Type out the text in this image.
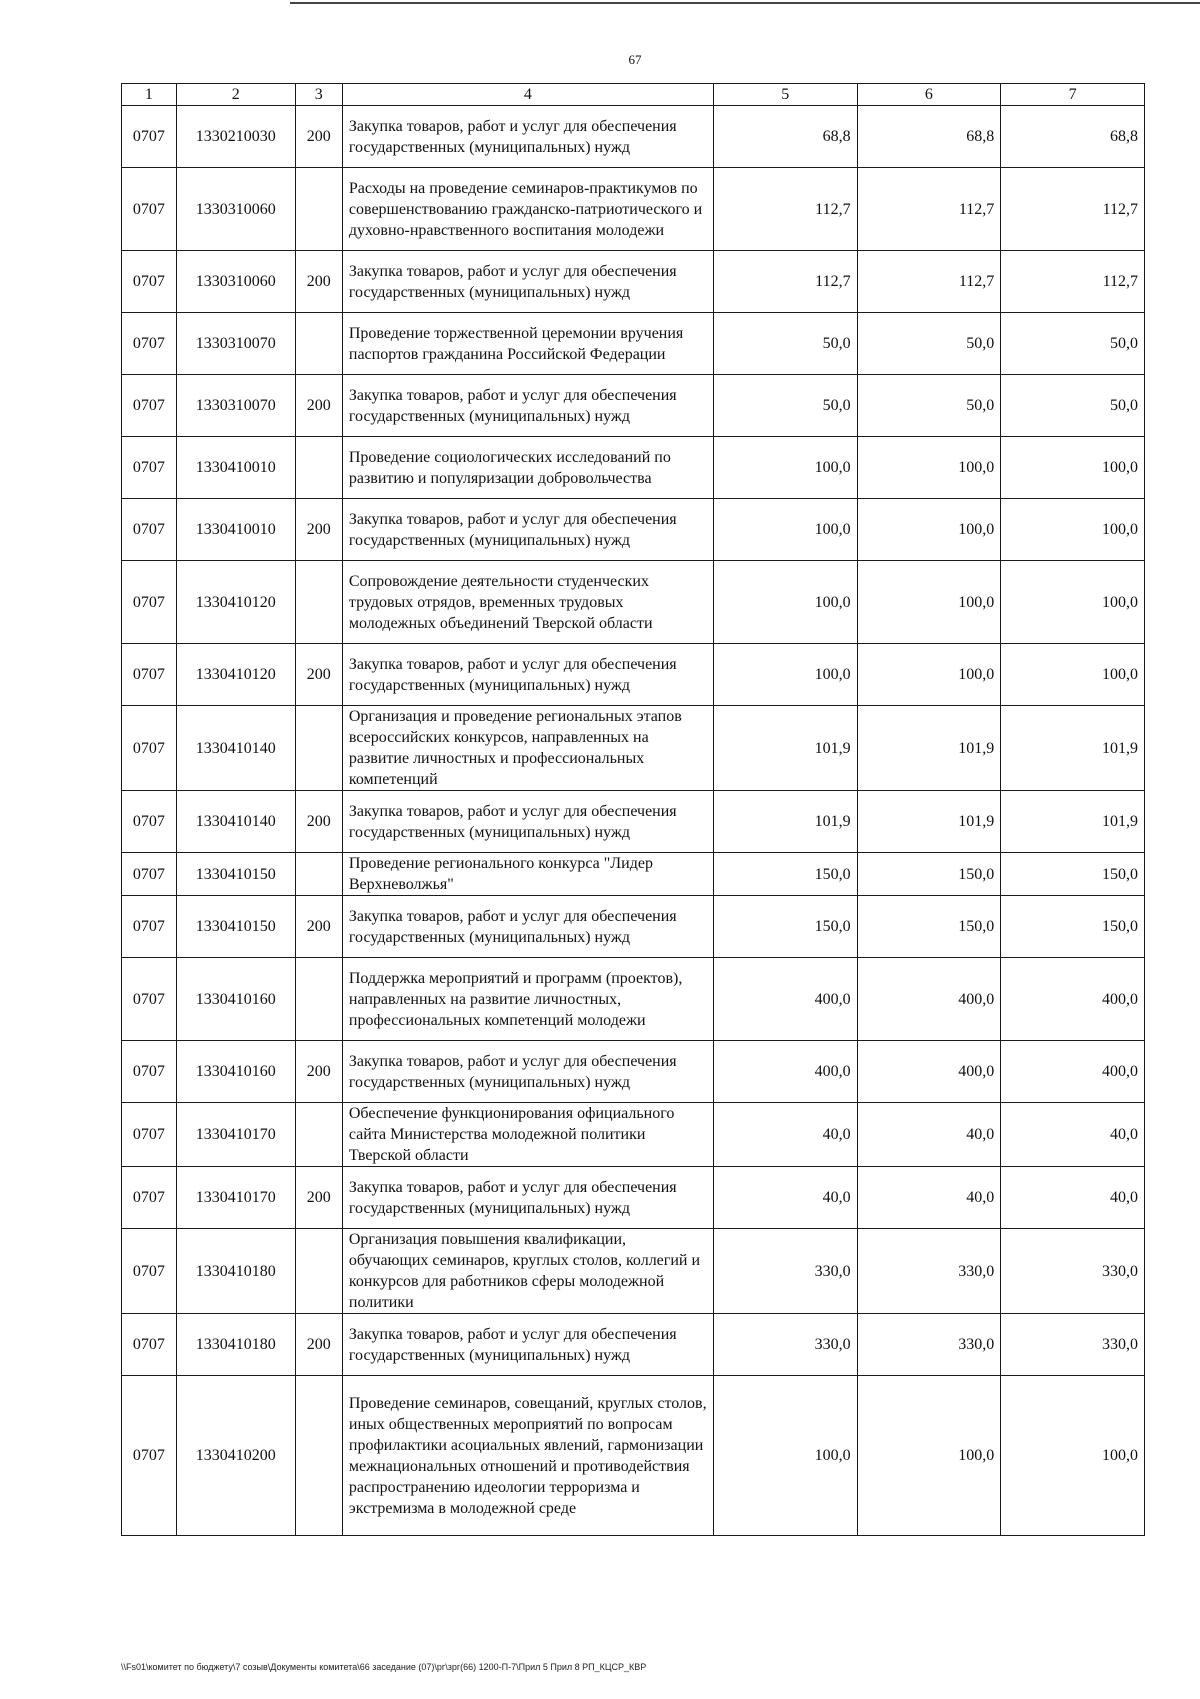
67
1	2	3	4	5	6	7
0707	1330210030	200	Закупка товаров, работ и услуг для обеспечения государственных (муниципальных) нужд	68,8	68,8	68,8
0707	1330310060		Расходы на проведение семинаров-практикумов по совершенствованию гражданско-патриотического и духовно-нравственного воспитания молодежи	112,7	112,7	112,7
0707	1330310060	200	Закупка товаров, работ и услуг для обеспечения государственных (муниципальных) нужд	112,7	112,7	112,7
0707	1330310070		Проведение торжественной церемонии вручения паспортов гражданина Российской Федерации	50,0	50,0	50,0
0707	1330310070	200	Закупка товаров, работ и услуг для обеспечения государственных (муниципальных) нужд	50,0	50,0	50,0
0707	1330410010		Проведение социологических исследований по развитию и популяризации добровольчества	100,0	100,0	100,0
0707	1330410010	200	Закупка товаров, работ и услуг для обеспечения государственных (муниципальных) нужд	100,0	100,0	100,0
0707	1330410120		Сопровождение деятельности студенческих трудовых отрядов, временных трудовых молодежных объединений Тверской области	100,0	100,0	100,0
0707	1330410120	200	Закупка товаров, работ и услуг для обеспечения государственных (муниципальных) нужд	100,0	100,0	100,0
0707	1330410140		Организация и проведение региональных этапов всероссийских конкурсов, направленных на развитие личностных и профессиональных компетенций	101,9	101,9	101,9
0707	1330410140	200	Закупка товаров, работ и услуг для обеспечения государственных (муниципальных) нужд	101,9	101,9	101,9
0707	1330410150		Проведение регионального конкурса "Лидер Верхневолжья"	150,0	150,0	150,0
0707	1330410150	200	Закупка товаров, работ и услуг для обеспечения государственных (муниципальных) нужд	150,0	150,0	150,0
0707	1330410160		Поддержка мероприятий и программ (проектов), направленных на развитие личностных, профессиональных компетенций молодежи	400,0	400,0	400,0
0707	1330410160	200	Закупка товаров, работ и услуг для обеспечения государственных (муниципальных) нужд	400,0	400,0	400,0
0707	1330410170		Обеспечение функционирования официального сайта Министерства молодежной политики Тверской области	40,0	40,0	40,0
0707	1330410170	200	Закупка товаров, работ и услуг для обеспечения государственных (муниципальных) нужд	40,0	40,0	40,0
0707	1330410180		Организация повышения квалификации, обучающих семинаров, круглых столов, коллегий и конкурсов для работников сферы молодежной политики	330,0	330,0	330,0
0707	1330410180	200	Закупка товаров, работ и услуг для обеспечения государственных (муниципальных) нужд	330,0	330,0	330,0
0707	1330410200		Проведение семинаров, совещаний, круглых столов, иных общественных мероприятий по вопросам профилактики асоциальных явлений, гармонизации межнациональных отношений и противодействия распространению идеологии терроризма и экстремизма в молодежной среде	100,0	100,0	100,0
\\Fs01\комитет по бюджету\7 созыв\Документы комитета\66 заседание (07)\рг\зрг(66) 1200-П-7\Прил 5 Прил 8 РП_КЦСР_КВР
